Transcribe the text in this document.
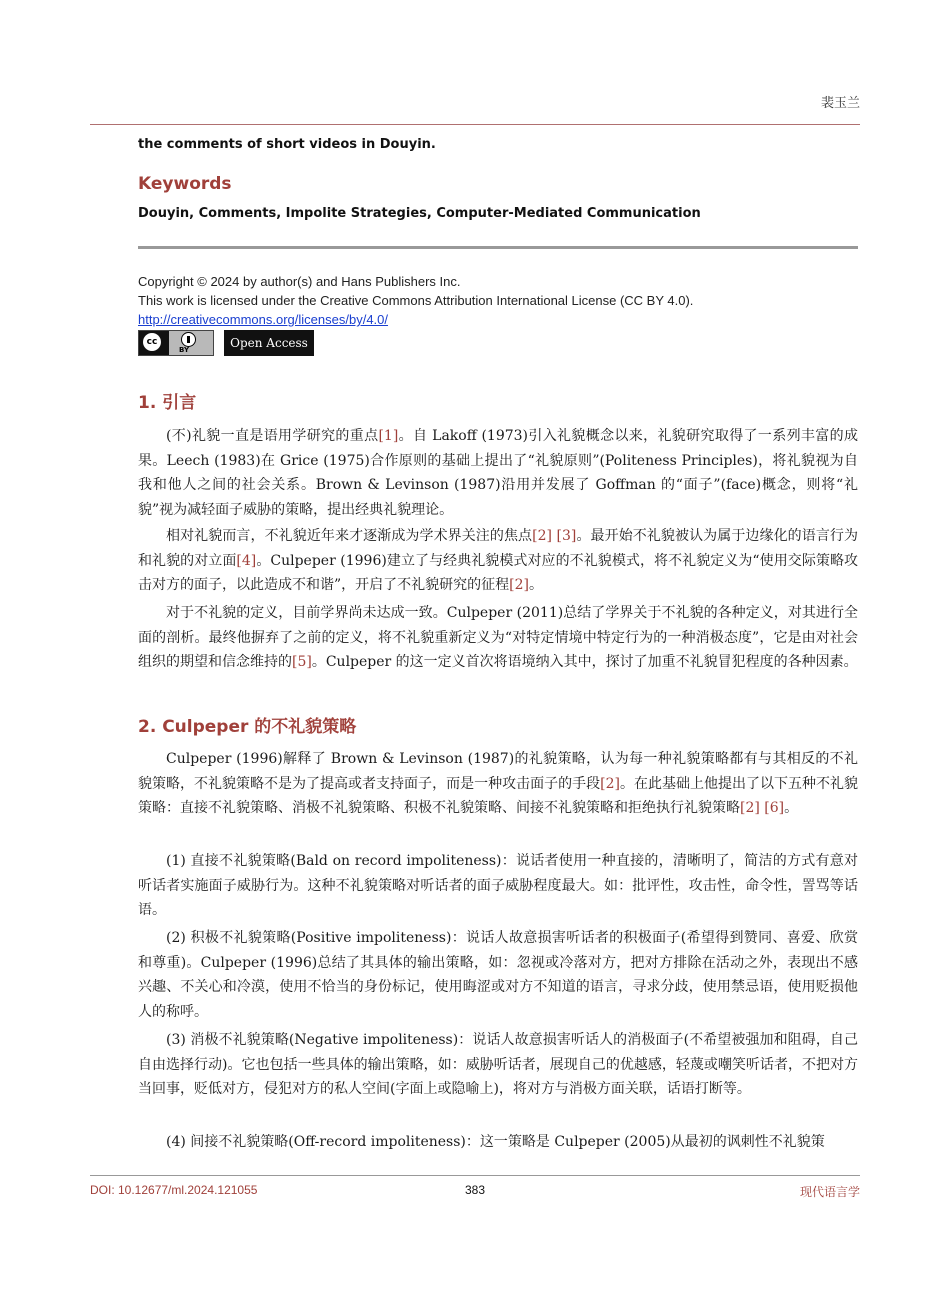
裴玉兰
the comments of short videos in Douyin.
Keywords
Douyin, Comments, Impolite Strategies, Computer-Mediated Communication
Copyright © 2024 by author(s) and Hans Publishers Inc.
This work is licensed under the Creative Commons Attribution International License (CC BY 4.0).
http://creativecommons.org/licenses/by/4.0/
cc
BY	Open Access
1. 引言

(不)礼貌一直是语用学研究的重点[1]。自 Lakoff (1973)引入礼貌概念以来，礼貌研究取得了一系列丰富的成果。Leech (1983)在 Grice (1975)合作原则的基础上提出了“礼貌原则”(Politeness Principles)，将礼貌视为自我和他人之间的社会关系。Brown & Levinson (1987)沿用并发展了 Goffman 的“面子”(face)概念，则将“礼貌”视为减轻面子威胁的策略，提出经典礼貌理论。

相对礼貌而言，不礼貌近年来才逐渐成为学术界关注的焦点[2] [3]。最开始不礼貌被认为属于边缘化的语言行为和礼貌的对立面[4]。Culpeper (1996)建立了与经典礼貌模式对应的不礼貌模式，将不礼貌定义为“使用交际策略攻击对方的面子，以此造成不和谐”，开启了不礼貌研究的征程[2]。

对于不礼貌的定义，目前学界尚未达成一致。Culpeper (2011)总结了学界关于不礼貌的各种定义，对其进行全面的剖析。最终他摒弃了之前的定义，将不礼貌重新定义为“对特定情境中特定行为的一种消极态度”，它是由对社会组织的期望和信念维持的[5]。Culpeper 的这一定义首次将语境纳入其中，探讨了加重不礼貌冒犯程度的各种因素。

2. Culpeper 的不礼貌策略

Culpeper (1996)解释了 Brown & Levinson (1987)的礼貌策略，认为每一种礼貌策略都有与其相反的不礼貌策略，不礼貌策略不是为了提高或者支持面子，而是一种攻击面子的手段[2]。在此基础上他提出了以下五种不礼貌策略：直接不礼貌策略、消极不礼貌策略、积极不礼貌策略、间接不礼貌策略和拒绝执行礼貌策略[2] [6]。

(1) 直接不礼貌策略(Bald on record impoliteness)：说话者使用一种直接的，清晰明了，简洁的方式有意对听话者实施面子威胁行为。这种不礼貌策略对听话者的面子威胁程度最大。如：批评性，攻击性，命令性，詈骂等话语。

(2) 积极不礼貌策略(Positive impoliteness)：说话人故意损害听话者的积极面子(希望得到赞同、喜爱、欣赏和尊重)。Culpeper (1996)总结了其具体的输出策略，如：忽视或冷落对方，把对方排除在活动之外，表现出不感兴趣、不关心和冷漠，使用不恰当的身份标记，使用晦涩或对方不知道的语言，寻求分歧，使用禁忌语，使用贬损他人的称呼。

(3) 消极不礼貌策略(Negative impoliteness)：说话人故意损害听话人的消极面子(不希望被强加和阻碍，自己自由选择行动)。它也包括一些具体的输出策略，如：威胁听话者，展现自己的优越感，轻蔑或嘲笑听话者，不把对方当回事，贬低对方，侵犯对方的私人空间(字面上或隐喻上)，将对方与消极方面关联，话语打断等。

(4) 间接不礼貌策略(Off-record impoliteness)：这一策略是 Culpeper (2005)从最初的讽刺性不礼貌策

DOI: 10.12677/ml.2024.121055	383	现代语言学
